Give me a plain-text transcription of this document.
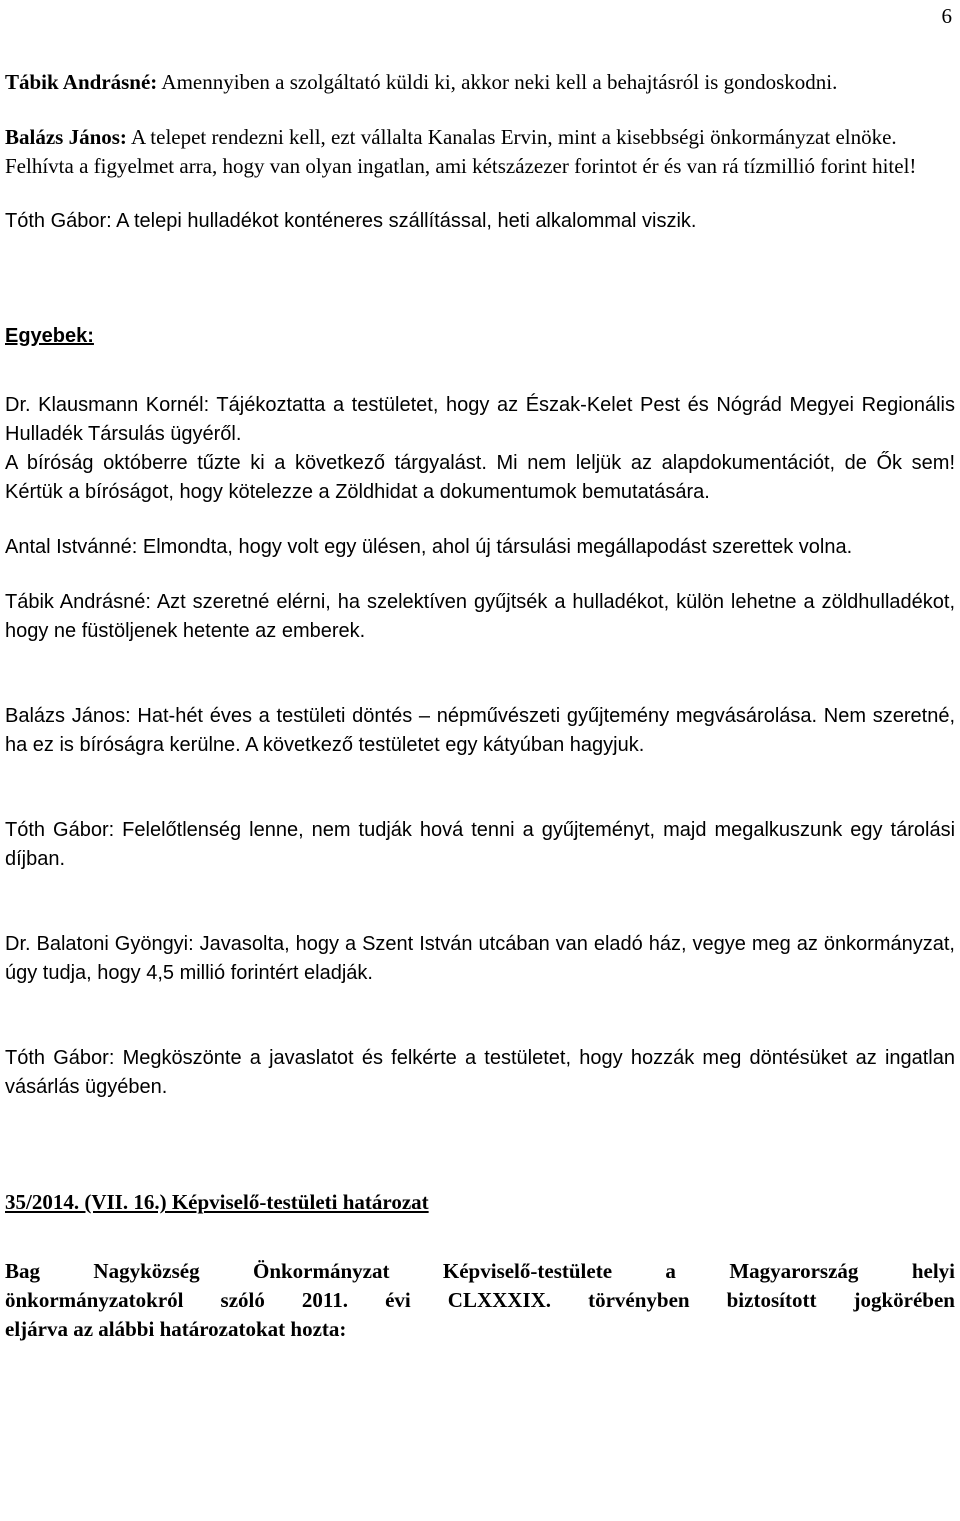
6

Tábik Andrásné: Amennyiben a szolgáltató küldi ki, akkor neki kell a behajtásról is gondoskodni.

Balázs János: A telepet rendezni kell, ezt vállalta Kanalas Ervin, mint a kisebbségi önkormányzat elnöke.

Felhívta a figyelmet arra, hogy van olyan ingatlan, ami kétszázezer forintot ér és van rá tízmillió forint hitel!

Tóth Gábor: A telepi hulladékot konténeres szállítással, heti alkalommal viszik.

Egyebek:

Dr. Klausmann Kornél: Tájékoztatta a testületet, hogy az Észak-Kelet Pest és Nógrád Megyei Regionális Hulladék Társulás ügyéről.

A bíróság októberre tűzte ki a következő tárgyalást. Mi nem leljük az alapdokumentációt, de Ők sem! Kértük a bíróságot, hogy kötelezze a Zöldhidat a dokumentumok bemutatására.

Antal Istvánné: Elmondta, hogy volt egy ülésen, ahol új társulási megállapodást szerettek volna.

Tábik Andrásné: Azt szeretné elérni, ha szelektíven gyűjtsék a hulladékot, külön lehetne a zöldhulladékot, hogy ne füstöljenek hetente az emberek.

Balázs János: Hat-hét éves a testületi döntés – népművészeti gyűjtemény megvásárolása. Nem szeretné, ha ez is bíróságra kerülne. A következő testületet egy kátyúban hagyjuk.

Tóth Gábor: Felelőtlenség lenne, nem tudják hová tenni a gyűjteményt, majd megalkuszunk egy tárolási díjban.

Dr. Balatoni Gyöngyi: Javasolta, hogy a Szent István utcában van eladó ház, vegye meg az önkormányzat, úgy tudja, hogy 4,5 millió forintért eladják.

Tóth Gábor: Megköszönte a javaslatot és felkérte a testületet, hogy hozzák meg döntésüket az ingatlan vásárlás ügyében.

35/2014. (VII. 16.) Képviselő-testületi határozat

Bag Nagyközség Önkormányzat Képviselő-testülete a Magyarország helyi

önkormányzatokról szóló 2011. évi CLXXXIX. törvényben biztosított jogkörében

eljárva az alábbi határozatokat hozta:
